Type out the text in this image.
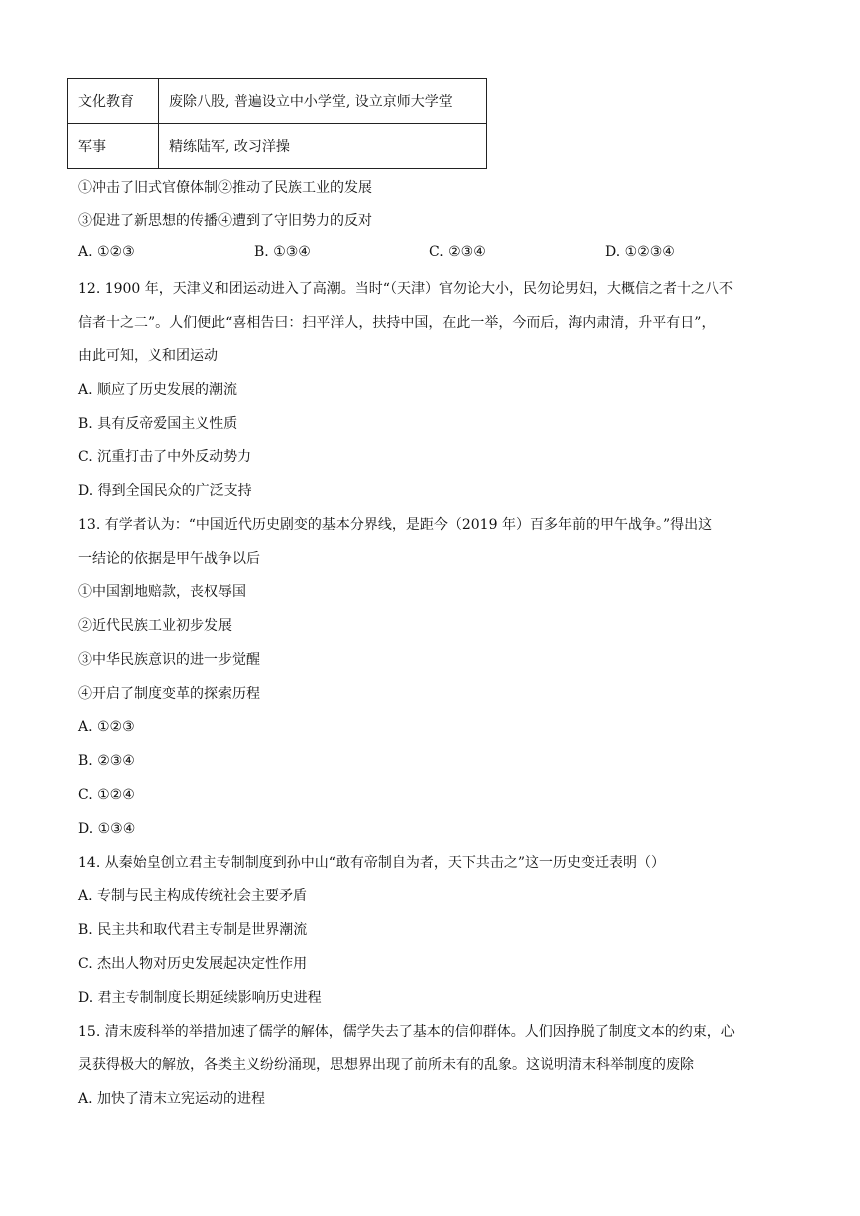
文化教育	废除八股, 普遍设立中小学堂, 设立京师大学堂
军事	精练陆军, 改习洋操
①冲击了旧式官僚体制②推动了民族工业的发展
③促进了新思想的传播④遭到了守旧势力的反对
A. ①②③	B. ①③④	C. ②③④	D. ①②③④
12. 1900 年，天津义和团运动进入了高潮。当时“（天津）官勿论大小，民勿论男妇，大概信之者十之八不
信者十之二”。人们便此“喜相告曰：扫平洋人，扶持中国，在此一举，今而后，海内肃清，升平有日”，
由此可知，义和团运动
A. 顺应了历史发展的潮流
B. 具有反帝爱国主义性质
C. 沉重打击了中外反动势力
D. 得到全国民众的广泛支持
13. 有学者认为：“中国近代历史剧变的基本分界线，是距今（2019 年）百多年前的甲午战争。”得出这
一结论的依据是甲午战争以后
①中国割地赔款，丧权辱国
②近代民族工业初步发展
③中华民族意识的进一步觉醒
④开启了制度变革的探索历程
A. ①②③
B. ②③④
C. ①②④
D. ①③④
14. 从秦始皇创立君主专制制度到孙中山“敢有帝制自为者，天下共击之”这一历史变迁表明（）
A. 专制与民主构成传统社会主要矛盾
B. 民主共和取代君主专制是世界潮流
C. 杰出人物对历史发展起决定性作用
D. 君主专制制度长期延续影响历史进程
15. 清末废科举的举措加速了儒学的解体，儒学失去了基本的信仰群体。人们因挣脱了制度文本的约束，心
灵获得极大的解放，各类主义纷纷涌现，思想界出现了前所未有的乱象。这说明清末科举制度的废除
A. 加快了清末立宪运动的进程
